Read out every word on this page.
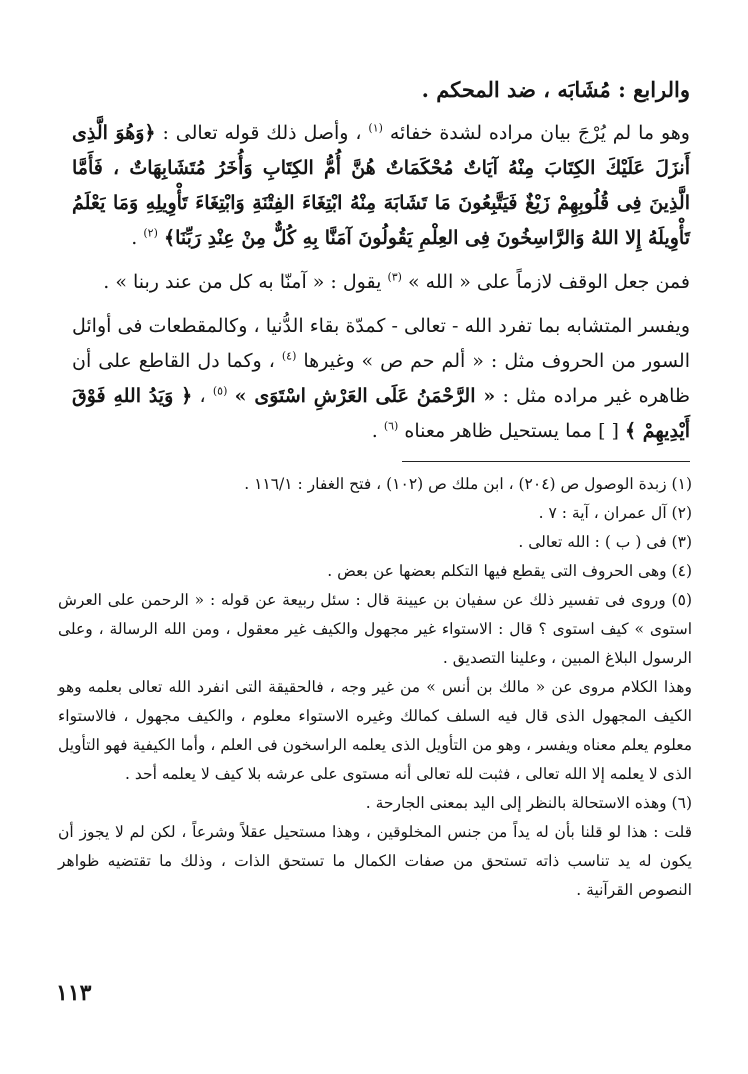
والرابع : مُشَابَه ، ضد المحكم .

وهو ما لم يُرْجَ بيان مراده لشدة خفائه $^{(١)}$ ، وأصل ذلك قوله تعالى : ﴿وَهُوَ الَّذِى أَنزَلَ عَلَيْكَ الكِتَابَ مِنْهُ آيَاتٌ مُحْكَمَاتٌ هُنَّ أُمُّ الكِتَابِ وَأُخَرُ مُتَشَابِهَاتٌ ، فَأَمَّا الَّذِينَ فِى قُلُوبِهِمْ زَيْغٌ فَيَتَّبِعُونَ مَا تَشَابَهَ مِنْهُ ابْتِغَاءَ الفِتْنَةِ وَابْتِغَاءَ تَأْوِيلِهِ وَمَا يَعْلَمُ تَأْوِيلَهُ إِلا اللهُ وَالرَّاسِخُونَ فِى العِلْمِ يَقُولُونَ آمَنَّا بِهِ كُلٌّ مِنْ عِنْدِ رَبِّنَا﴾ $^{(٢)}$ .

فمن جعل الوقف لازماً على « الله » $^{(٣)}$ يقول : « آمنّا به كل من عند ربنا » .

ويفسر المتشابه بما تفرد الله - تعالى - كمدّة بقاء الدُّنيا ، وكالمقطعات فى أوائل السور من الحروف مثل : « ألم حم ص » وغيرها $^{(٤)}$ ، وكما دل القاطع على أن ظاهره غير مراده مثل : « الرَّحْمَنُ عَلَى العَرْشِ اسْتَوَى » $^{(٥)}$ ، ﴿ وَيَدُ اللهِ فَوْقَ أَيْدِيهِمْ ﴾ [ ] مما يستحيل ظاهر معناه $^{(٦)}$ .

(١) زبدة الوصول ص (٢٠٤) ، ابن ملك ص (١٠٢) ، فتح الغفار : ١١٦/١ .

(٢) آل عمران ، آية : ٧ .

(٣) فى ( ب ) : الله تعالى .

(٤) وهى الحروف التى يقطع فيها التكلم بعضها عن بعض .

(٥) وروى فى تفسير ذلك عن سفيان بن عيينة قال : سئل ربيعة عن قوله : « الرحمن على العرش استوى » كيف استوى ؟ قال : الاستواء غير مجهول والكيف غير معقول ، ومن الله الرسالة ، وعلى الرسول البلاغ المبين ، وعلينا التصديق .

وهذا الكلام مروى عن « مالك بن أنس » من غير وجه ، فالحقيقة التى انفرد الله تعالى بعلمه وهو الكيف المجهول الذى قال فيه السلف كمالك وغيره الاستواء معلوم ، والكيف مجهول ، فالاستواء معلوم يعلم معناه ويفسر ، وهو من التأويل الذى يعلمه الراسخون فى العلم ، وأما الكيفية فهو التأويل الذى لا يعلمه إلا الله تعالى ، فثبت لله تعالى أنه مستوى على عرشه بلا كيف لا يعلمه أحد .

(٦) وهذه الاستحالة بالنظر إلى اليد بمعنى الجارحة .

قلت : هذا لو قلنا بأن له يداً من جنس المخلوقين ، وهذا مستحيل عقلاً وشرعاً ، لكن لم لا يجوز أن يكون له يد تناسب ذاته تستحق من صفات الكمال ما تستحق الذات ، وذلك ما تقتضيه ظواهر النصوص القرآنية .

١١٣
